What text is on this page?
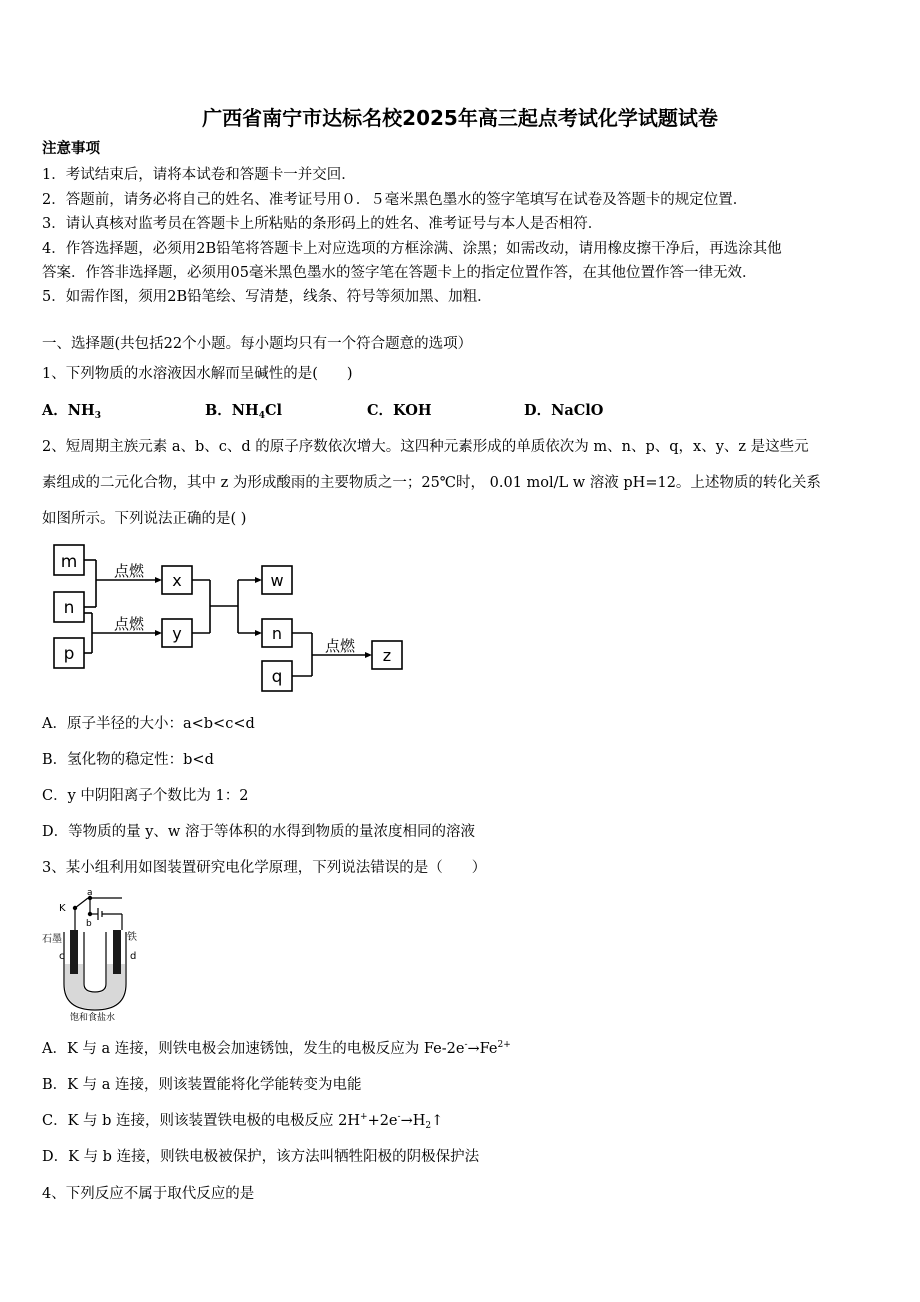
广西省南宁市达标名校2025年高三起点考试化学试题试卷
注意事项
1．考试结束后，请将本试卷和答题卡一并交回．
2．答题前，请务必将自己的姓名、准考证号用０．５毫米黑色墨水的签字笔填写在试卷及答题卡的规定位置．
3．请认真核对监考员在答题卡上所粘贴的条形码上的姓名、准考证号与本人是否相符．
4．作答选择题，必须用2B铅笔将答题卡上对应选项的方框涂满、涂黑；如需改动，请用橡皮擦干净后，再选涂其他
答案．作答非选择题，必须用05毫米黑色墨水的签字笔在答题卡上的指定位置作答，在其他位置作答一律无效．
5．如需作图，须用2B铅笔绘、写清楚，线条、符号等须加黑、加粗．
一、选择题(共包括22个小题。每小题均只有一个符合题意的选项）
1、下列物质的水溶液因水解而呈碱性的是(　　)
A．$NH_3$	B．$NH_4Cl$	C．KOH	D．NaClO
2、短周期主族元素 a、b、c、d 的原子序数依次增大。这四种元素形成的单质依次为 m、n、p、q，x、y、z 是这些元
素组成的二元化合物，其中 z 为形成酸雨的主要物质之一；25℃时， 0.01 mol/L w 溶液 pH=12。上述物质的转化关系
如图所示。下列说法正确的是( )
m
n
p
x
y
w
n
q
z
点燃
点燃
点燃
A．原子半径的大小：a<b<c<d
B．氢化物的稳定性：b<d
C．y 中阴阳离子个数比为 1：2
D．等物质的量 y、w 溶于等体积的水得到物质的量浓度相同的溶液
3、某小组利用如图装置研究电化学原理，下列说法错误的是（　　）
K
a
b
石墨	铁
c	d
饱和食盐水
A．K 与 a 连接，则铁电极会加速锈蚀，发生的电极反应为 $Fe-2e^-\to Fe^{2+}$
B．K 与 a 连接，则该装置能将化学能转变为电能
C．K 与 b 连接，则该装置铁电极的电极反应 $2H^++2e^-\to H_2↑$
D．K 与 b 连接，则铁电极被保护，该方法叫牺牲阳极的阴极保护法
4、下列反应不属于取代反应的是
